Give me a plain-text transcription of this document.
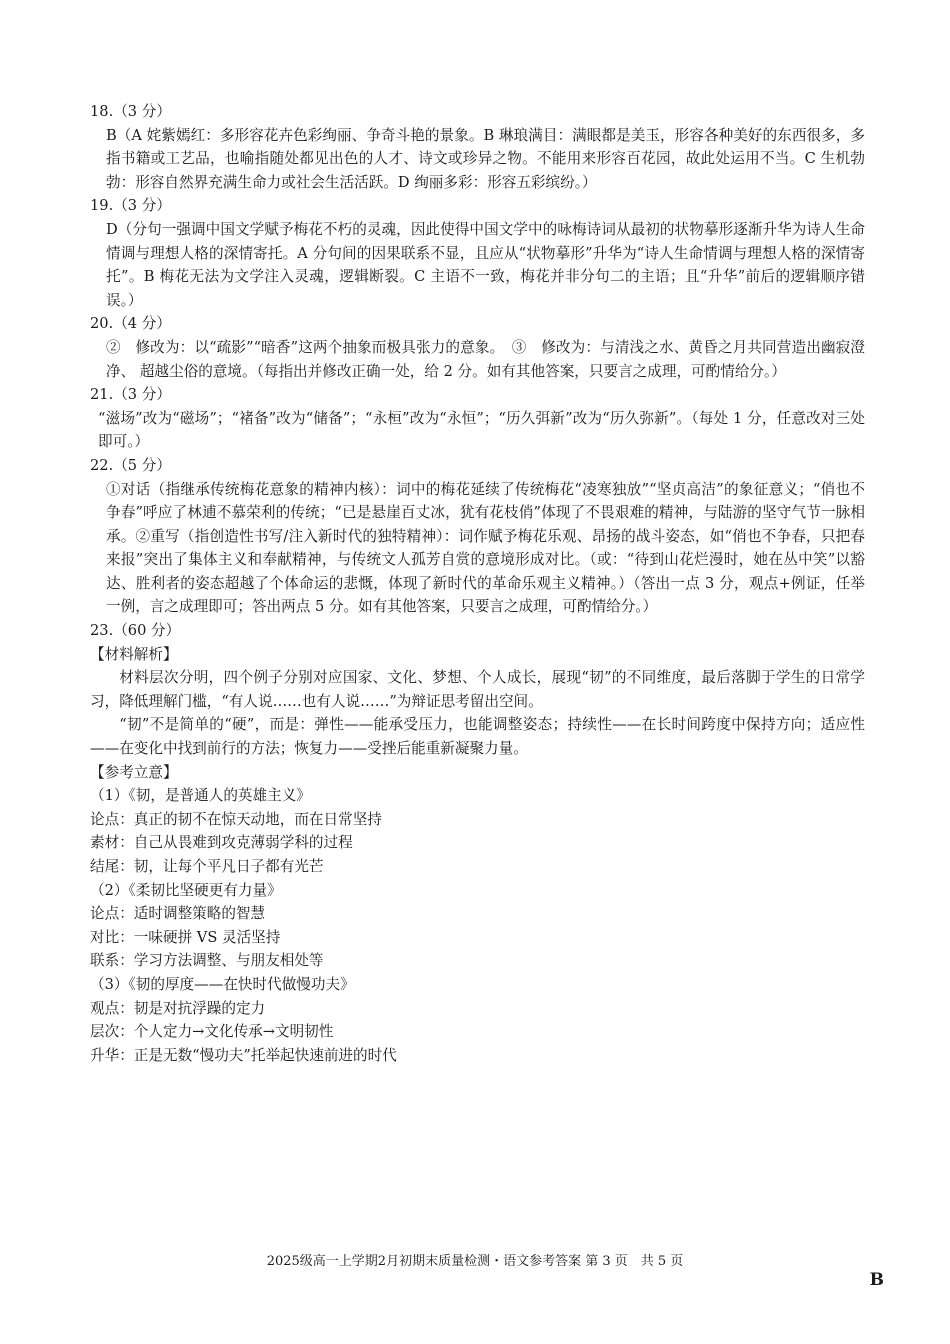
18.（3 分）

B（A 姹紫嫣红：多形容花卉色彩绚丽、争奇斗艳的景象。B 琳琅满目：满眼都是美玉，形容各种美好的东西很多，多指书籍或工艺品，也喻指随处都见出色的人才、诗文或珍异之物。不能用来形容百花园，故此处运用不当。C 生机勃勃：形容自然界充满生命力或社会生活活跃。D 绚丽多彩：形容五彩缤纷。）

19.（3 分）

D（分句一强调中国文学赋予梅花不朽的灵魂，因此使得中国文学中的咏梅诗词从最初的状物摹形逐渐升华为诗人生命情调与理想人格的深情寄托。A 分句间的因果联系不显，且应从“状物摹形”升华为“诗人生命情调与理想人格的深情寄托”。B 梅花无法为文学注入灵魂，逻辑断裂。C 主语不一致，梅花并非分句二的主语；且“升华”前后的逻辑顺序错误。）

20.（4 分）

②　修改为：以“疏影”“暗香”这两个抽象而极具张力的意象。　③　修改为：与清浅之水、黄昏之月共同营造出幽寂澄净、 超越尘俗的意境。（每指出并修改正确一处，给 2 分。如有其他答案，只要言之成理，可酌情给分。）

21.（3 分）

“滋场”改为“磁场”；“褚备”改为“储备”；“永桓”改为“永恒”；“历久弭新”改为“历久弥新”。（每处 1 分，任意改对三处即可。）

22.（5 分）

①对话（指继承传统梅花意象的精神内核）：词中的梅花延续了传统梅花“凌寒独放”“坚贞高洁”的象征意义；“俏也不争春”呼应了林逋不慕荣利的传统；“已是悬崖百丈冰，犹有花枝俏”体现了不畏艰难的精神，与陆游的坚守气节一脉相承。②重写（指创造性书写/注入新时代的独特精神）：词作赋予梅花乐观、昂扬的战斗姿态，如“俏也不争春，只把春来报”突出了集体主义和奉献精神，与传统文人孤芳自赏的意境形成对比。（或：“待到山花烂漫时，她在丛中笑”以豁达、胜利者的姿态超越了个体命运的悲慨，体现了新时代的革命乐观主义精神。）（答出一点 3 分，观点+例证，任举一例，言之成理即可；答出两点 5 分。如有其他答案，只要言之成理，可酌情给分。）

23.（60 分）

【材料解析】

材料层次分明，四个例子分别对应国家、文化、梦想、个人成长，展现“韧”的不同维度，最后落脚于学生的日常学习，降低理解门槛，“有人说……也有人说……”为辩证思考留出空间。

“韧”不是简单的“硬”，而是：弹性——能承受压力，也能调整姿态；持续性——在长时间跨度中保持方向；适应性——在变化中找到前行的方法；恢复力——受挫后能重新凝聚力量。

【参考立意】

（1）《韧，是普通人的英雄主义》

论点：真正的韧不在惊天动地，而在日常坚持

素材：自己从畏难到攻克薄弱学科的过程

结尾：韧，让每个平凡日子都有光芒

（2）《柔韧比坚硬更有力量》

论点：适时调整策略的智慧

对比：一味硬拼 VS 灵活坚持

联系：学习方法调整、与朋友相处等

（3）《韧的厚度——在快时代做慢功夫》

观点：韧是对抗浮躁的定力

层次：个人定力→文化传承→文明韧性

升华：正是无数“慢功夫”托举起快速前进的时代

2025级高一上学期2月初期末质量检测・语文参考答案 第 3 页　共 5 页
B
